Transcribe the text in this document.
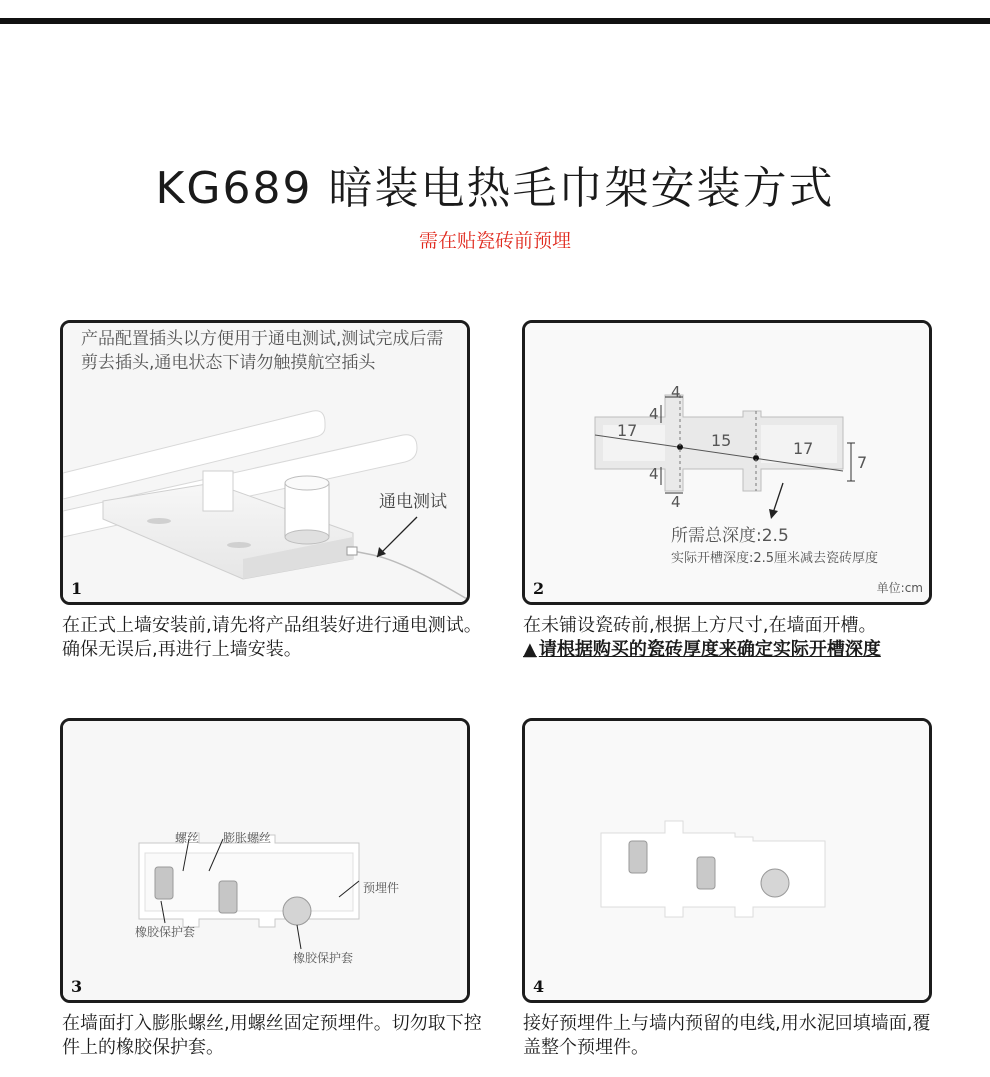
KG689 暗装电热毛巾架安装方式
需在贴瓷砖前预埋
产品配置插头以方便用于通电测试,测试完成后需剪去插头,通电状态下请勿触摸航空插头
通电测试
1
在正式上墙安装前,请先将产品组装好进行通电测试。确保无误后,再进行上墙安装。
4
4
17
15	17
7
4
4
所需总深度:2.5
实际开槽深度:2.5厘米减去瓷砖厚度
单位:cm
2
在未铺设瓷砖前,根据上方尺寸,在墙面开槽。
▲ 请根据购买的瓷砖厚度来确定实际开槽深度
螺丝 膨胀螺丝
预埋件
橡胶保护套
橡胶保护套
3
在墙面打入膨胀螺丝,用螺丝固定预埋件。切勿取下控件上的橡胶保护套。
4
接好预埋件上与墙内预留的电线,用水泥回填墙面,覆盖整个预埋件。
